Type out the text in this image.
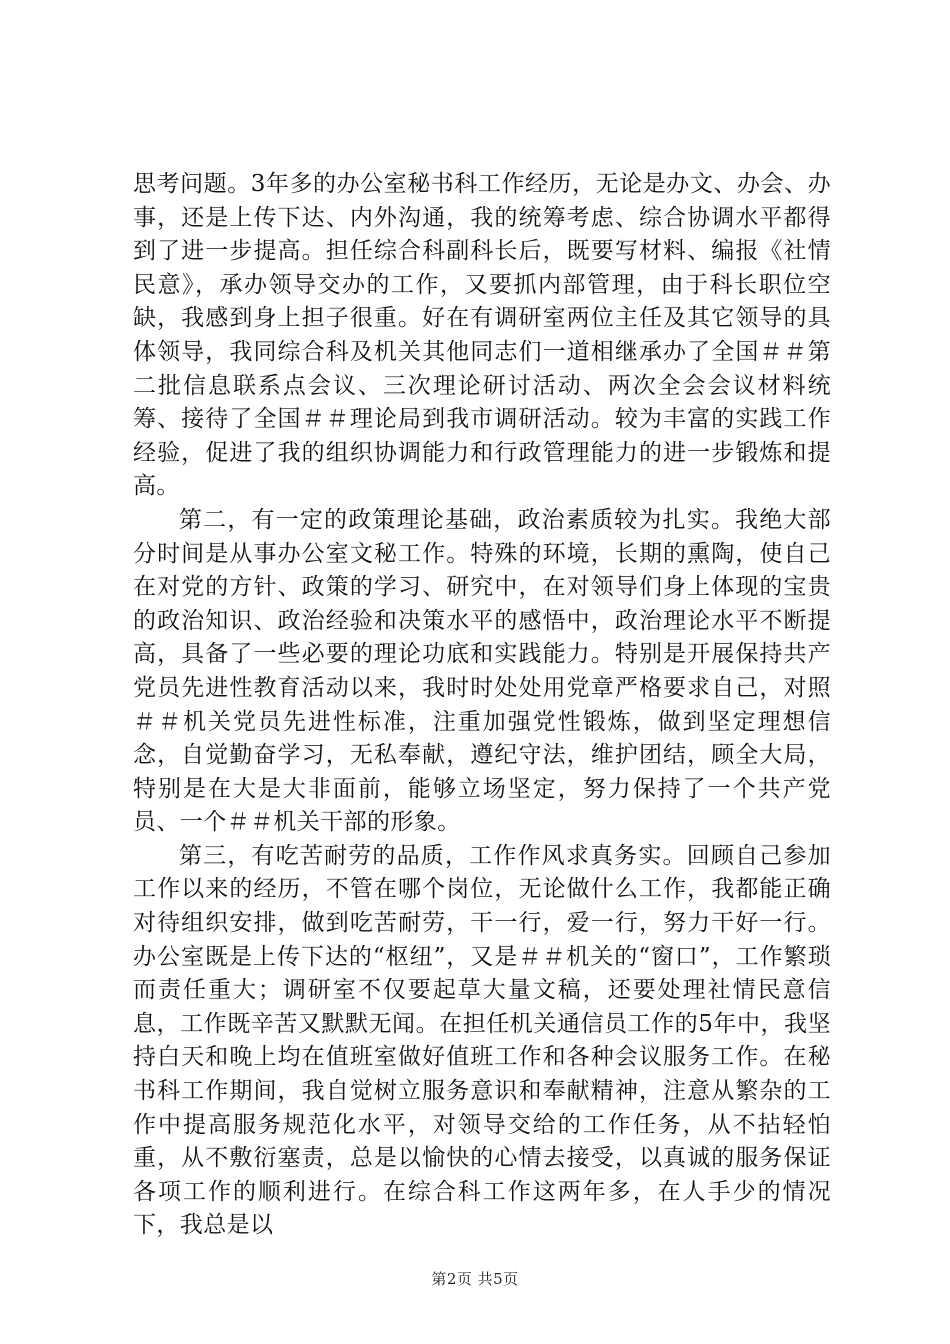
思考问题。3年多的办公室秘书科工作经历，无论是办文、办会、办事，还是上传下达、内外沟通，我的统筹考虑、综合协调水平都得到了进一步提高。担任综合科副科长后，既要写材料、编报《社情民意》，承办领导交办的工作，又要抓内部管理，由于科长职位空缺，我感到身上担子很重。好在有调研室两位主任及其它领导的具体领导，我同综合科及机关其他同志们一道相继承办了全国＃＃第二批信息联系点会议、三次理论研讨活动、两次全会会议材料统筹、接待了全国＃＃理论局到我市调研活动。较为丰富的实践工作经验，促进了我的组织协调能力和行政管理能力的进一步锻炼和提高。

第二，有一定的政策理论基础，政治素质较为扎实。我绝大部分时间是从事办公室文秘工作。特殊的环境，长期的熏陶，使自己在对党的方针、政策的学习、研究中，在对领导们身上体现的宝贵的政治知识、政治经验和决策水平的感悟中，政治理论水平不断提高，具备了一些必要的理论功底和实践能力。特别是开展保持共产党员先进性教育活动以来，我时时处处用党章严格要求自己，对照＃＃机关党员先进性标准，注重加强党性锻炼，做到坚定理想信念，自觉勤奋学习，无私奉献，遵纪守法，维护团结，顾全大局，特别是在大是大非面前，能够立场坚定，努力保持了一个共产党员、一个＃＃机关干部的形象。

第三，有吃苦耐劳的品质，工作作风求真务实。回顾自己参加工作以来的经历，不管在哪个岗位，无论做什么工作，我都能正确对待组织安排，做到吃苦耐劳，干一行，爱一行，努力干好一行。办公室既是上传下达的“枢纽”，又是＃＃机关的“窗口”，工作繁琐而责任重大；调研室不仅要起草大量文稿，还要处理社情民意信息，工作既辛苦又默默无闻。在担任机关通信员工作的5年中，我坚持白天和晚上均在值班室做好值班工作和各种会议服务工作。在秘书科工作期间，我自觉树立服务意识和奉献精神，注意从繁杂的工作中提高服务规范化水平，对领导交给的工作任务，从不拈轻怕重，从不敷衍塞责，总是以愉快的心情去接受，以真诚的服务保证各项工作的顺利进行。在综合科工作这两年多，在人手少的情况下，我总是以

第2页 共5页
